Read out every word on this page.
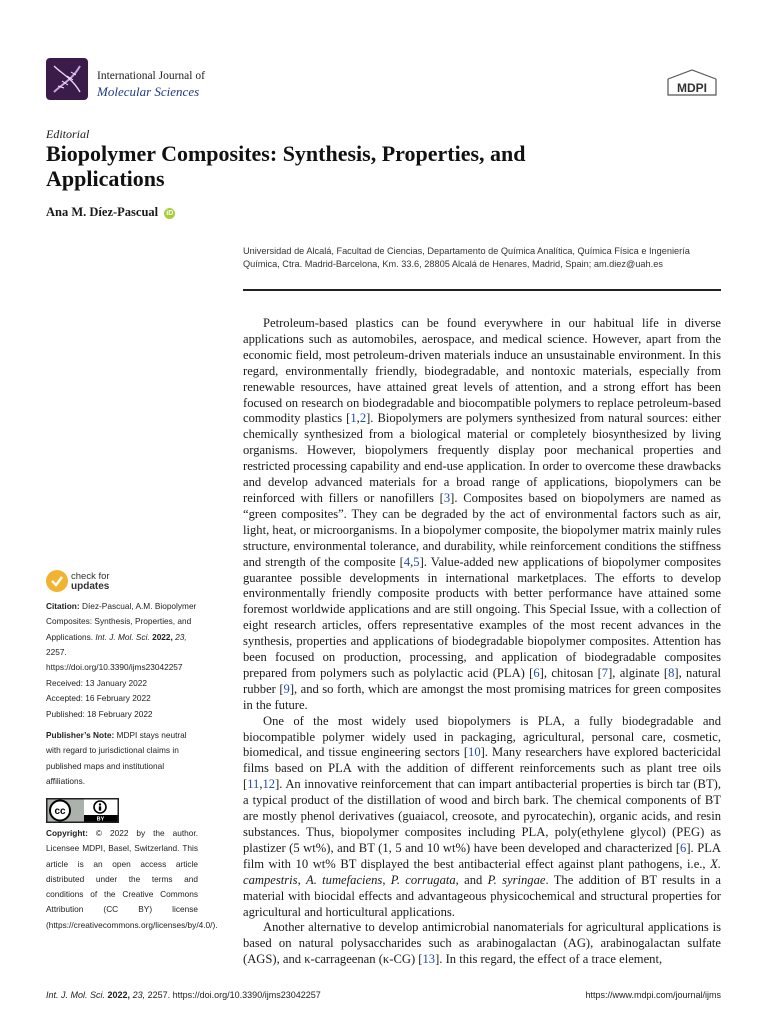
International Journal of
Molecular Sciences	MDPI
Editorial
Biopolymer Composites: Synthesis, Properties, and Applications
Ana M. Díez-Pascual iD
Universidad de Alcalá, Facultad de Ciencias, Departamento de Química Analítica, Química Física e Ingeniería Química, Ctra. Madrid-Barcelona, Km. 33.6, 28805 Alcalá de Henares, Madrid, Spain; am.diez@uah.es

Petroleum-based plastics can be found everywhere in our habitual life in diverse applications such as automobiles, aerospace, and medical science. However, apart from the economic field, most petroleum-driven materials induce an unsustainable environment. In this regard, environmentally friendly, biodegradable, and nontoxic materials, especially from renewable resources, have attained great levels of attention, and a strong effort has been focused on research on biodegradable and biocompatible polymers to replace petroleum-based commodity plastics [1,2]. Biopolymers are polymers synthesized from natural sources: either chemically synthesized from a biological material or completely biosynthesized by living organisms. However, biopolymers frequently display poor mechanical properties and restricted processing capability and end-use application. In order to overcome these drawbacks and develop advanced materials for a broad range of applications, biopolymers can be reinforced with fillers or nanofillers [3]. Composites based on biopolymers are named as “green composites”. They can be degraded by the act of environmental factors such as air, light, heat, or microorganisms. In a biopolymer composite, the biopolymer matrix mainly rules structure, environmental tolerance, and durability, while reinforcement conditions the stiffness and strength of the composite [4,5]. Value-added new applications of biopolymer composites guarantee possible developments in international marketplaces. The efforts to develop environmentally friendly composite products with better performance have attained some foremost worldwide applications and are still ongoing. This Special Issue, with a collection of eight research articles, offers representative examples of the most recent advances in the synthesis, properties and applications of biodegradable biopolymer composites. Attention has been focused on production, processing, and application of biodegradable composites prepared from polymers such as polylactic acid (PLA) [6], chitosan [7], alginate [8], natural rubber [9], and so forth, which are amongst the most promising matrices for green composites in the future.

One of the most widely used biopolymers is PLA, a fully biodegradable and biocompatible polymer widely used in packaging, agricultural, personal care, cosmetic, biomedical, and tissue engineering sectors [10]. Many researchers have explored bactericidal films based on PLA with the addition of different reinforcements such as plant tree oils [11,12]. An innovative reinforcement that can impart antibacterial properties is birch tar (BT), a typical product of the distillation of wood and birch bark. The chemical components of BT are mostly phenol derivatives (guaiacol, creosote, and pyrocatechin), organic acids, and resin substances. Thus, biopolymer composites including PLA, poly(ethylene glycol) (PEG) as plastizer (5 wt%), and BT (1, 5 and 10 wt%) have been developed and characterized [6]. PLA film with 10 wt% BT displayed the best antibacterial effect against plant pathogens, i.e., X. campestris, A. tumefaciens, P. corrugata, and P. syringae. The addition of BT results in a material with biocidal effects and advantageous physicochemical and structural properties for agricultural and horticultural applications.

Another alternative to develop antimicrobial nanomaterials for agricultural applications is based on natural polysaccharides such as arabinogalactan (AG), arabinogalactan sulfate (AGS), and κ-carrageenan (κ-CG) [13]. In this regard, the effect of a trace element,

check for
updates
Citation: Díez-Pascual, A.M. Biopolymer Composites: Synthesis, Properties, and Applications. Int. J. Mol. Sci. 2022, 23, 2257. https://doi.org/10.3390/ijms23042257
Received: 13 January 2022
Accepted: 16 February 2022
Published: 18 February 2022
Publisher’s Note: MDPI stays neutral with regard to jurisdictional claims in published maps and institutional affiliations.
cc
BY
Copyright: © 2022 by the author. Licensee MDPI, Basel, Switzerland. This article is an open access article distributed under the terms and conditions of the Creative Commons Attribution (CC BY) license (https://creativecommons.org/licenses/by/4.0/).
Int. J. Mol. Sci. 2022, 23, 2257. https://doi.org/10.3390/ijms23042257	https://www.mdpi.com/journal/ijms
